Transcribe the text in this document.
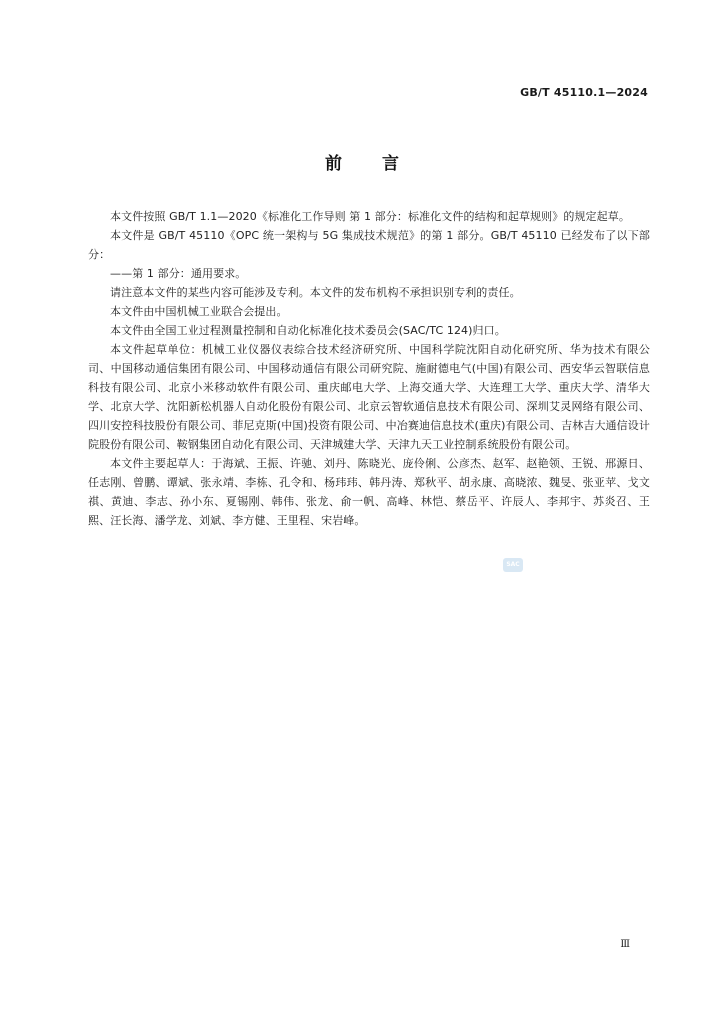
GB/T 45110.1—2024
前言

本文件按照 GB/T 1.1—2020《标准化工作导则 第 1 部分：标准化文件的结构和起草规则》的规定起草。

本文件是 GB/T 45110《OPC 统一架构与 5G 集成技术规范》的第 1 部分。GB/T 45110 已经发布了以下部分：

——第 1 部分：通用要求。

请注意本文件的某些内容可能涉及专利。本文件的发布机构不承担识别专利的责任。

本文件由中国机械工业联合会提出。

本文件由全国工业过程测量控制和自动化标准化技术委员会(SAC/TC 124)归口。

本文件起草单位：机械工业仪器仪表综合技术经济研究所、中国科学院沈阳自动化研究所、华为技术有限公司、中国移动通信集团有限公司、中国移动通信有限公司研究院、施耐德电气(中国)有限公司、西安华云智联信息科技有限公司、北京小米移动软件有限公司、重庆邮电大学、上海交通大学、大连理工大学、重庆大学、清华大学、北京大学、沈阳新松机器人自动化股份有限公司、北京云智软通信息技术有限公司、深圳艾灵网络有限公司、四川安控科技股份有限公司、菲尼克斯(中国)投资有限公司、中冶赛迪信息技术(重庆)有限公司、吉林吉大通信设计院股份有限公司、鞍钢集团自动化有限公司、天津城建大学、天津九天工业控制系统股份有限公司。

本文件主要起草人：于海斌、王振、许驰、刘丹、陈晓光、庞伶俐、公彦杰、赵军、赵艳领、王锐、邢源日、任志刚、曾鹏、谭斌、张永靖、李栋、孔令和、杨玮玮、韩丹涛、郑秋平、胡永康、高晓浓、魏旻、张亚苹、戈文祺、黄迪、李志、孙小东、夏锡刚、韩伟、张龙、俞一帆、高峰、林恺、蔡岳平、许辰人、李邦宇、苏炎召、王熙、汪长海、潘学龙、刘斌、李方健、王里程、宋岩峰。

SAC
Ⅲ
